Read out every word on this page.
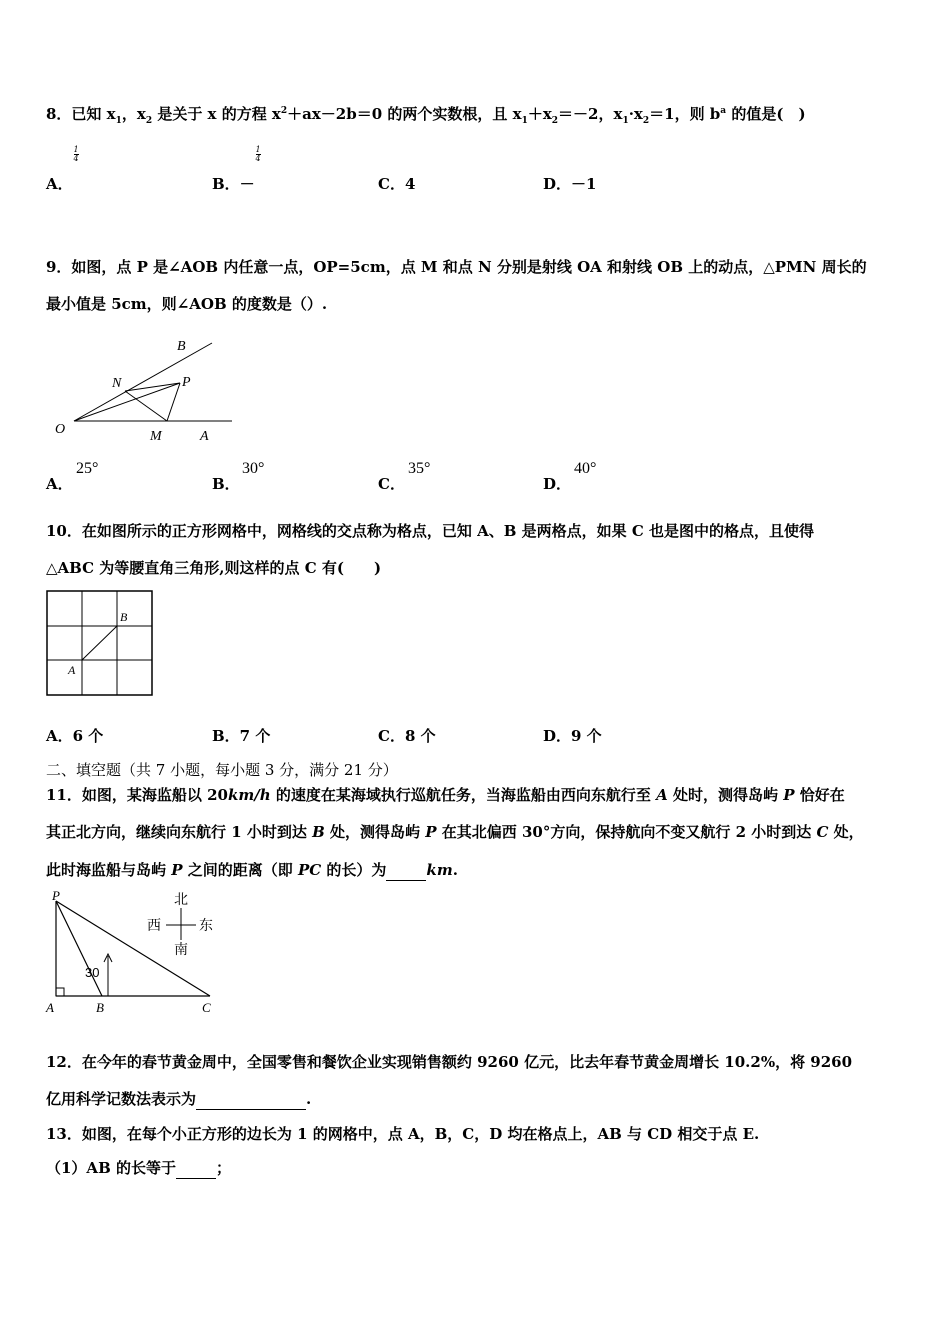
8．已知 $x_1$，$x_2$ 是关于 x 的方程 $x^2+ax-2b=0$ 的两个实数根，且 $x_1+x_2=-2$，$x_1\cdot x_2=1$，则 $b^a$ 的值是(　)
1
4
1
4
A．	B．－	C．4	D．－1
9．如图，点 P 是∠AOB 内任意一点，OP=5cm，点 M 和点 N 分别是射线 OA 和射线 OB 上的动点，△PMN 周长的
最小值是 5cm，则∠AOB 的度数是（）.
B
N	P
O	M	A
25°	30°	35°	40°
A．	B．	C．	D．
10．在如图所示的正方形网格中，网格线的交点称为格点，已知 A、B 是两格点，如果 C 也是图中的格点，且使得
△ABC 为等腰直角三角形,则这样的点 C 有(　　)
B
A
A．6 个	B．7 个	C．8 个	D．9 个
二、填空题（共 7 小题，每小题 3 分，满分 21 分）
11．如图，某海监船以 20km/h 的速度在某海域执行巡航任务，当海监船由西向东航行至 A 处时，测得岛屿 P 恰好在
其正北方向，继续向东航行 1 小时到达 B 处，测得岛屿 P 在其北偏西 30°方向，保持航向不变又航行 2 小时到达 C 处，
此时海监船与岛屿 P 之间的距离（即 PC 的长）为	km.
30
P
A	B	C
北
南
西	东
12．在今年的春节黄金周中，全国零售和餐饮企业实现销售额约 9260 亿元，比去年春节黄金周增长 10.2%，将 9260
亿用科学记数法表示为	.
13．如图，在每个小正方形的边长为 1 的网格中，点 A，B，C，D 均在格点上，AB 与 CD 相交于点 E.
（1）AB 的长等于	；
